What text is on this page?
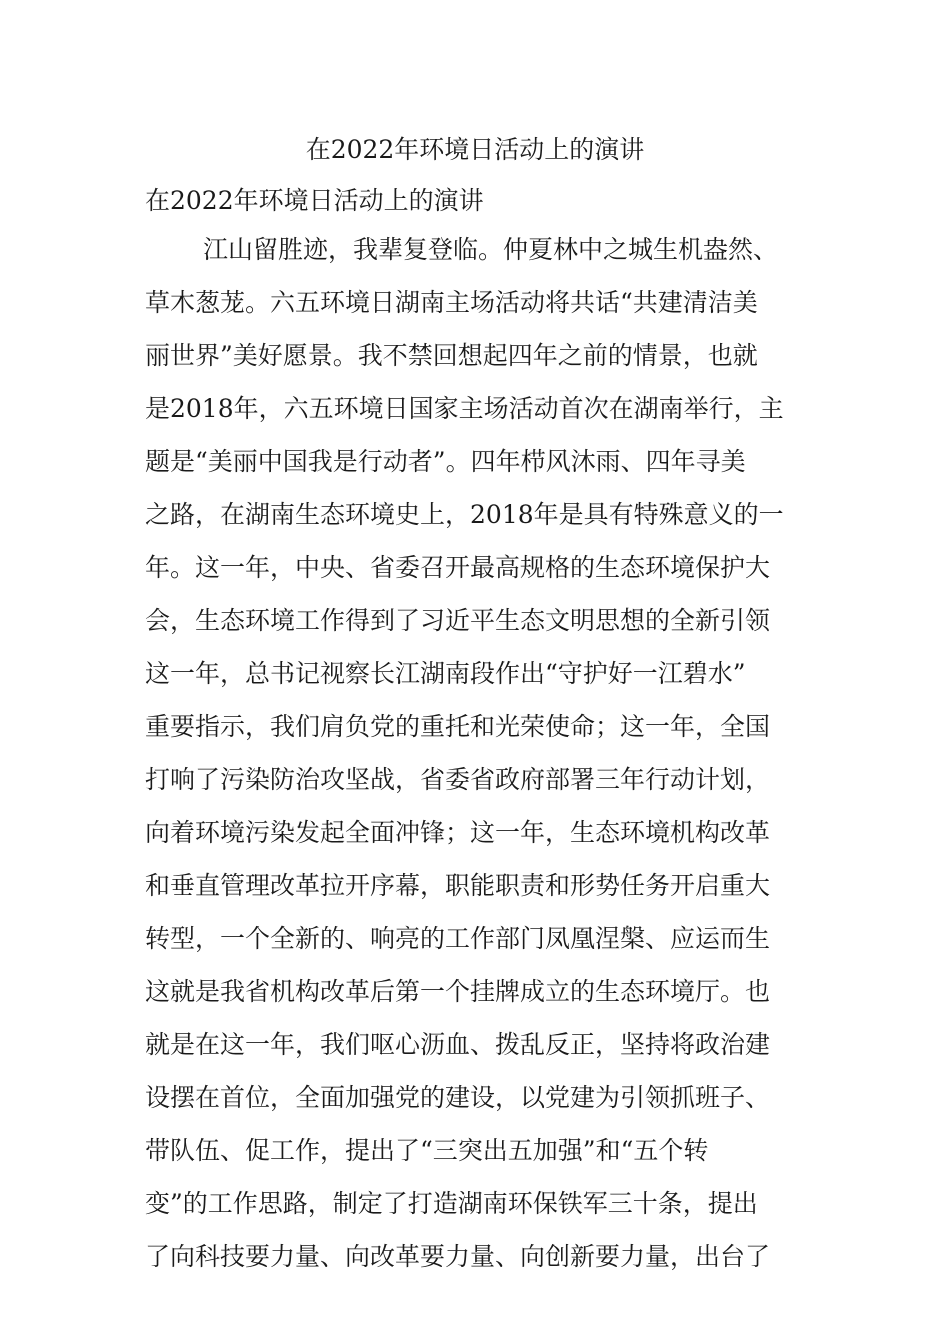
在2022年环境日活动上的演讲

在2022年环境日活动上的演讲

江山留胜迹，我辈复登临。仲夏林中之城生机盎然、
草木葱茏。六五环境日湖南主场活动将共话“共建清洁美
丽世界”美好愿景。我不禁回想起四年之前的情景，也就
是2018年，六五环境日国家主场活动首次在湖南举行，主
题是“美丽中国我是行动者”。四年栉风沐雨、四年寻美
之路，在湖南生态环境史上，2018年是具有特殊意义的一
年。这一年，中央、省委召开最高规格的生态环境保护大
会，生态环境工作得到了习近平生态文明思想的全新引领
这一年，总书记视察长江湖南段作出“守护好一江碧水”
重要指示，我们肩负党的重托和光荣使命；这一年，全国
打响了污染防治攻坚战，省委省政府部署三年行动计划，
向着环境污染发起全面冲锋；这一年，生态环境机构改革
和垂直管理改革拉开序幕，职能职责和形势任务开启重大
转型，一个全新的、响亮的工作部门凤凰涅槃、应运而生
这就是我省机构改革后第一个挂牌成立的生态环境厅。也
就是在这一年，我们呕心沥血、拨乱反正，坚持将政治建
设摆在首位，全面加强党的建设，以党建为引领抓班子、
带队伍、促工作，提出了“三突出五加强”和“五个转
变”的工作思路，制定了打造湖南环保铁军三十条，提出
了向科技要力量、向改革要力量、向创新要力量，出台了
